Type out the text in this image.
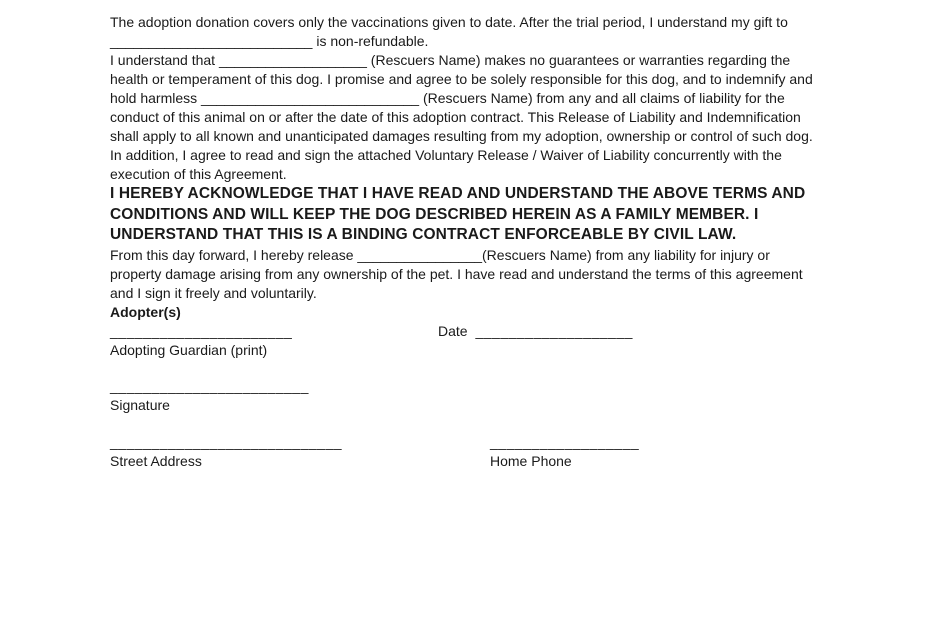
The adoption donation covers only the vaccinations given to date. After the trial period, I understand my gift to __________________________ is non-refundable.

I understand that ___________________ (Rescuers Name) makes no guarantees or warranties regarding the health or temperament of this dog. I promise and agree to be solely responsible for this dog, and to indemnify and hold harmless ____________________________ (Rescuers Name) from any and all claims of liability for the conduct of this animal on or after the date of this adoption contract. This Release of Liability and Indemnification shall apply to all known and unanticipated damages resulting from my adoption, ownership or control of such dog. In addition, I agree to read and sign the attached Voluntary Release / Waiver of Liability concurrently with the execution of this Agreement.

I HEREBY ACKNOWLEDGE THAT I HAVE READ AND UNDERSTAND THE ABOVE TERMS AND CONDITIONS AND WILL KEEP THE DOG DESCRIBED HEREIN AS A FAMILY MEMBER. I UNDERSTAND THAT THIS IS A BINDING CONTRACT ENFORCEABLE BY CIVIL LAW.

From this day forward, I hereby release ________________(Rescuers Name) from any liability for injury or property damage arising from any ownership of the pet. I have read and understand the terms of this agreement and I sign it freely and voluntarily.

Adopter(s)

______________________	Date ___________________
Adopting Guardian (print)
________________________
Signature
____________________________	__________________
Street Address	Home Phone
